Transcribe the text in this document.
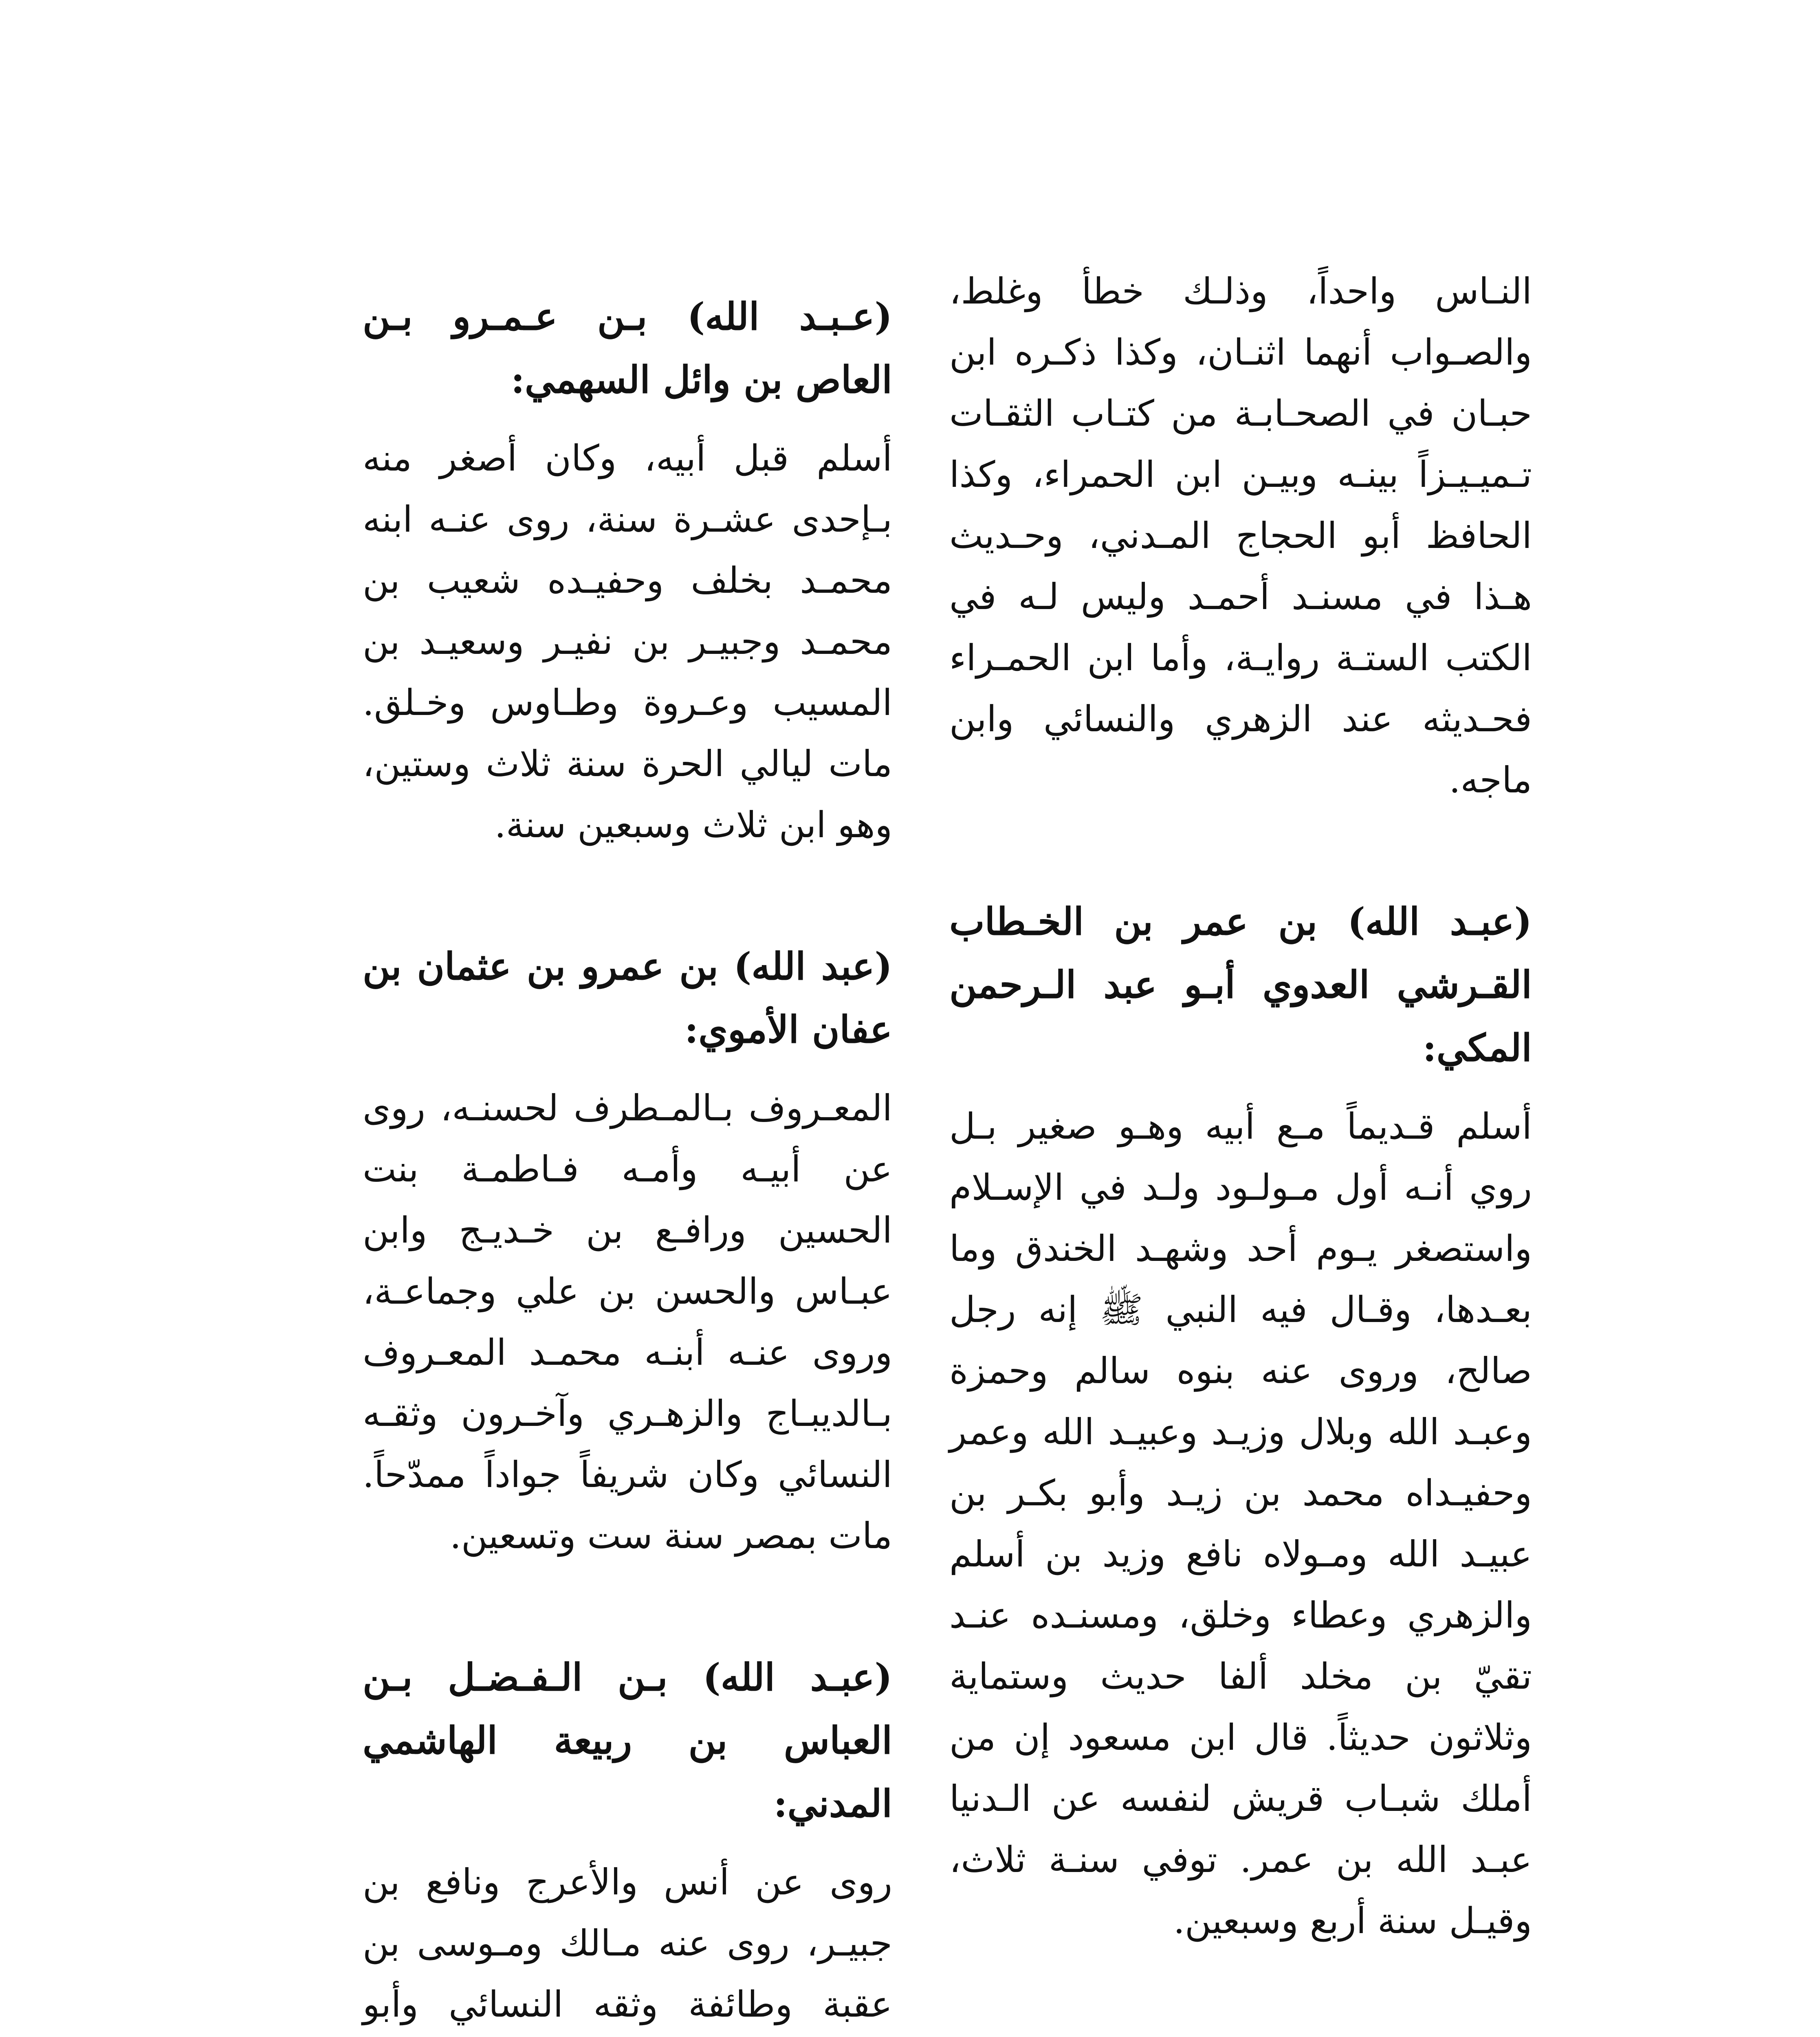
النـاس واحداً، وذلـك خطأ وغلط، والصـواب أنهما اثنـان، وكذا ذكـره ابن حبـان في الصحـابـة من كتـاب الثقـات تـميـيـزاً بينـه وبيـن ابن الحمراء، وكذا الحافظ أبو الحجاج المـدني، وحـديث هـذا في مسنـد أحمـد وليس لـه في الكتب الستـة روايـة، وأما ابن الحمـراء فحـديثه عند الزهري والنسائي وابن ماجه.

(عبـد الله) بن عمر بن الخـطاب القـرشي العدوي أبـو عبد الـرحمن المكي:

أسلم قـديماً مـع أبيه وهـو صغير بـل روي أنـه أول مـولـود ولـد في الإسـلام واستصغر يـوم أحد وشهـد الخندق وما بعـدها، وقـال فيه النبي ﷺ إنه رجل صالح، وروى عنه بنوه سالم وحمزة وعبـد الله وبلال وزيـد وعبيـد الله وعمر وحفيـداه محمد بن زيـد وأبو بكـر بن عبيـد الله ومـولاه نافع وزيد بن أسلم والزهري وعطاء وخلق، ومسنـده عنـد تقيّ بن مخلد ألفا حديث وستماية وثلاثون حديثاً. قال ابن مسعود إن من أملك شبـاب قريش لنفسه عن الـدنيا عبـد الله بن عمر. توفي سنـة ثلاث، وقيـل سنة أربع وسبعين.

(عـبـد الله) بـن عـمـرو بـن العاص بن وائل السهمي:

أسلم قبل أبيه، وكان أصغر منه بـإحدى عشـرة سنة، روى عنـه ابنه محمـد بخلف وحفيـده شعيب بن محمـد وجبيـر بن نفيـر وسعيـد بن المسيب وعـروة وطـاوس وخـلق. مات ليالي الحرة سنة ثلاث وستين، وهو ابن ثلاث وسبعين سنة.

(عبد الله) بن عمرو بن عثمان بن عفان الأموي:

المعـروف بـالمـطرف لحسنـه، روى عن أبيـه وأمـه فـاطمـة بنت الحسين ورافـع بن خـديـج وابن عبـاس والحسن بن علي وجماعـة، وروى عنـه أبنـه محمـد المعـروف بـالديبـاج والزهـري وآخـرون وثقـه النسائي وكان شريفاً جواداً ممدّحاً. مات بمصر سنة ست وتسعين.

(عبـد الله) بـن الـفـضـل بـن العباس بن ربيعة الهاشمي المدني:

روى عن أنس والأعرج ونافع بن جبيـر، روى عنه مـالك ومـوسى بن عقبة وطائفة وثقه النسائي وأبو
